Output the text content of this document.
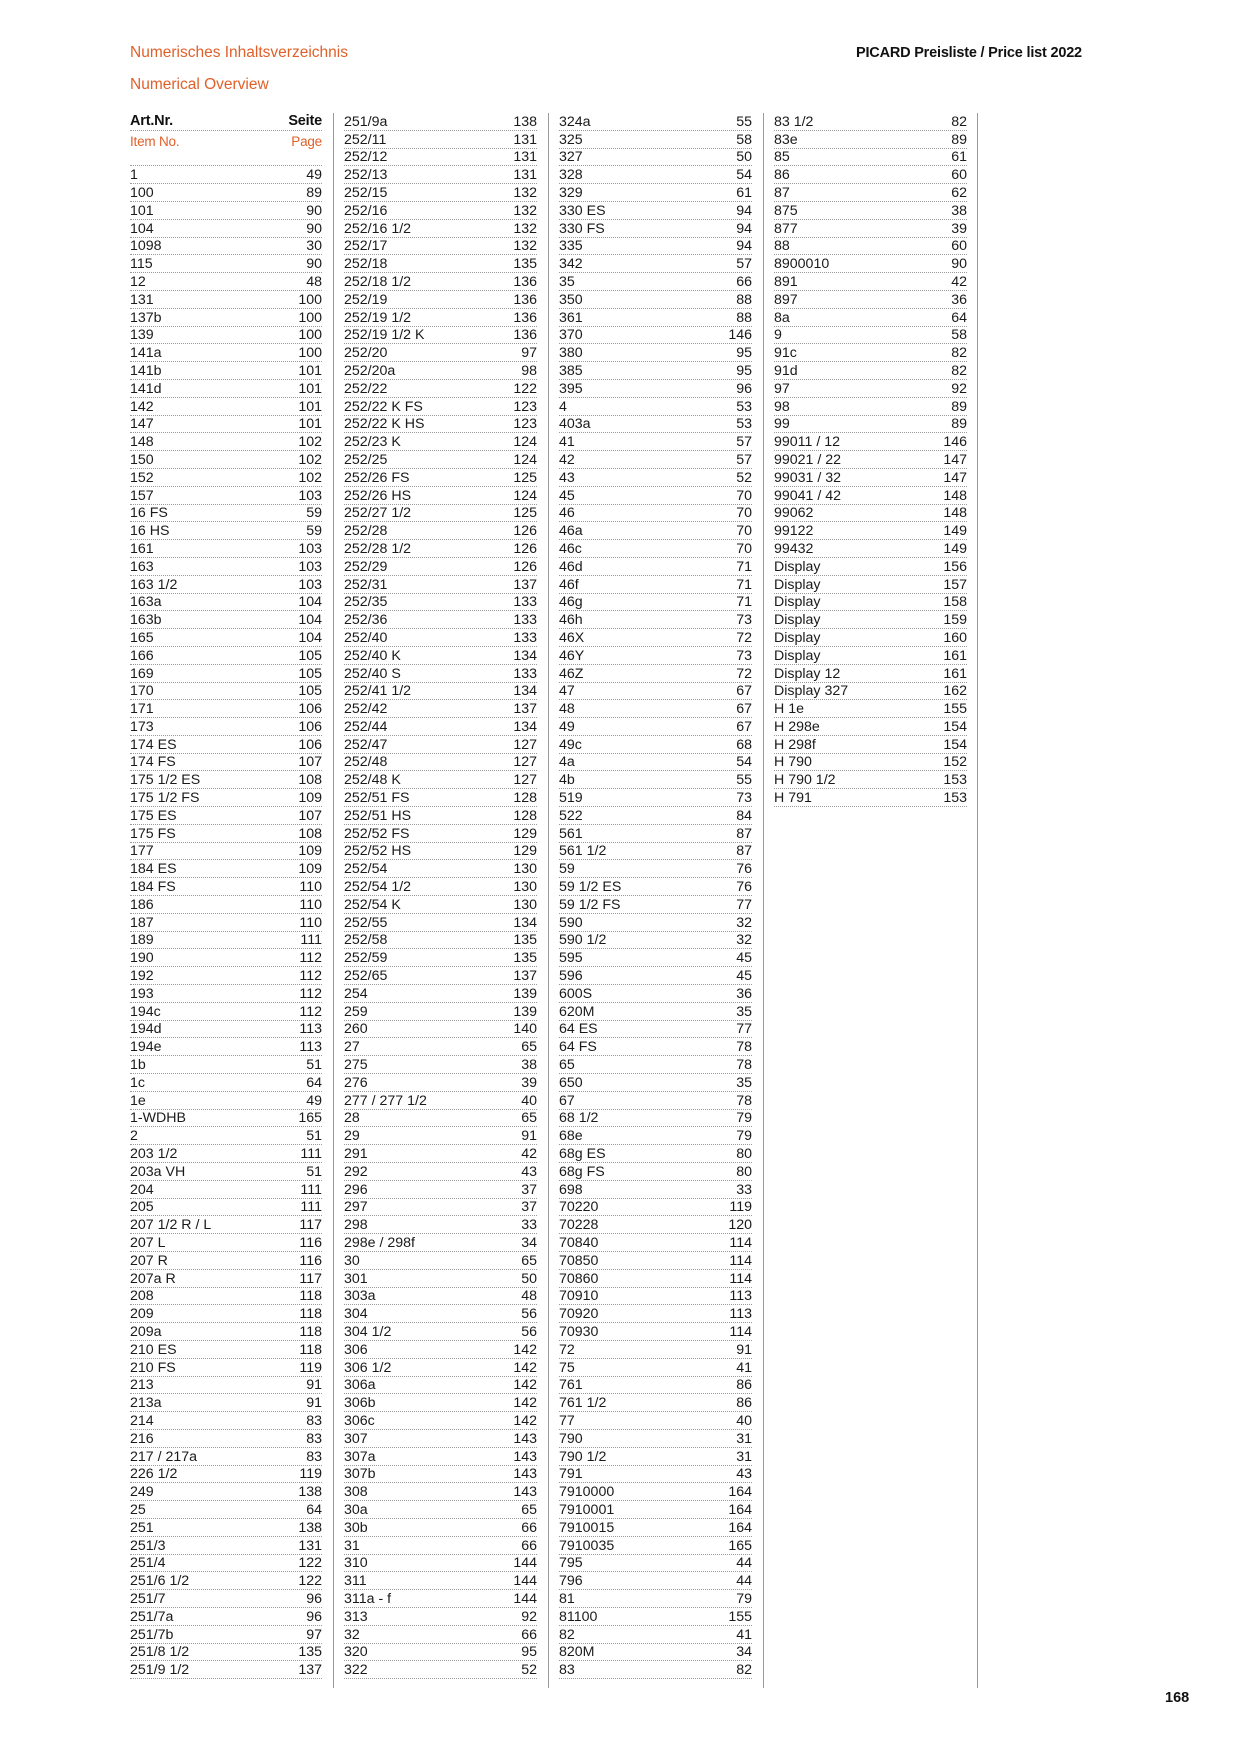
Numerisches Inhaltsverzeichnis
Numerical Overview
PICARD Preisliste / Price list 2022
Art.Nr.	Seite
Item No.	Page
1	49
100	89
101	90
104	90
1098	30
115	90
12	48
131	100
137b	100
139	100
141a	100
141b	101
141d	101
142	101
147	101
148	102
150	102
152	102
157	103
16 FS	59
16 HS	59
161	103
163	103
163 1/2	103
163a	104
163b	104
165	104
166	105
169	105
170	105
171	106
173	106
174 ES	106
174 FS	107
175 1/2 ES	108
175 1/2 FS	109
175 ES	107
175 FS	108
177	109
184 ES	109
184 FS	110
186	110
187	110
189	111
190	112
192	112
193	112
194c	112
194d	113
194e	113
1b	51
1c	64
1e	49
1-WDHB	165
2	51
203 1/2	111
203a VH	51
204	111
205	111
207 1/2 R / L	117
207 L	116
207 R	116
207a R	117
208	118
209	118
209a	118
210 ES	118
210 FS	119
213	91
213a	91
214	83
216	83
217 / 217a	83
226 1/2	119
249	138
25	64
251	138
251/3	131
251/4	122
251/6 1/2	122
251/7	96
251/7a	96
251/7b	97
251/8 1/2	135
251/9 1/2	137
251/9a	138
252/11	131
252/12	131
252/13	131
252/15	132
252/16	132
252/16 1/2	132
252/17	132
252/18	135
252/18 1/2	136
252/19	136
252/19 1/2	136
252/19 1/2 K	136
252/20	97
252/20a	98
252/22	122
252/22 K FS	123
252/22 K HS	123
252/23 K	124
252/25	124
252/26 FS	125
252/26 HS	124
252/27 1/2	125
252/28	126
252/28 1/2	126
252/29	126
252/31	137
252/35	133
252/36	133
252/40	133
252/40 K	134
252/40 S	133
252/41 1/2	134
252/42	137
252/44	134
252/47	127
252/48	127
252/48 K	127
252/51 FS	128
252/51 HS	128
252/52 FS	129
252/52 HS	129
252/54	130
252/54 1/2	130
252/54 K	130
252/55	134
252/58	135
252/59	135
252/65	137
254	139
259	139
260	140
27	65
275	38
276	39
277 / 277 1/2	40
28	65
29	91
291	42
292	43
296	37
297	37
298	33
298e / 298f	34
30	65
301	50
303a	48
304	56
304 1/2	56
306	142
306 1/2	142
306a	142
306b	142
306c	142
307	143
307a	143
307b	143
308	143
30a	65
30b	66
31	66
310	144
311	144
311a - f	144
313	92
32	66
320	95
322	52
324a	55
325	58
327	50
328	54
329	61
330 ES	94
330 FS	94
335	94
342	57
35	66
350	88
361	88
370	146
380	95
385	95
395	96
4	53
403a	53
41	57
42	57
43	52
45	70
46	70
46a	70
46c	70
46d	71
46f	71
46g	71
46h	73
46X	72
46Y	73
46Z	72
47	67
48	67
49	67
49c	68
4a	54
4b	55
519	73
522	84
561	87
561 1/2	87
59	76
59 1/2 ES	76
59 1/2 FS	77
590	32
590 1/2	32
595	45
596	45
600S	36
620M	35
64 ES	77
64 FS	78
65	78
650	35
67	78
68 1/2	79
68e	79
68g ES	80
68g FS	80
698	33
70220	119
70228	120
70840	114
70850	114
70860	114
70910	113
70920	113
70930	114
72	91
75	41
761	86
761 1/2	86
77	40
790	31
790 1/2	31
791	43
7910000	164
7910001	164
7910015	164
7910035	165
795	44
796	44
81	79
81100	155
82	41
820M	34
83	82
83 1/2	82
83e	89
85	61
86	60
87	62
875	38
877	39
88	60
8900010	90
891	42
897	36
8a	64
9	58
91c	82
91d	82
97	92
98	89
99	89
99011 / 12	146
99021 / 22	147
99031 / 32	147
99041 / 42	148
99062	148
99122	149
99432	149
Display	156
Display	157
Display	158
Display	159
Display	160
Display	161
Display 12	161
Display 327	162
H 1e	155
H 298e	154
H 298f	154
H 790	152
H 790 1/2	153
H 791	153
168
